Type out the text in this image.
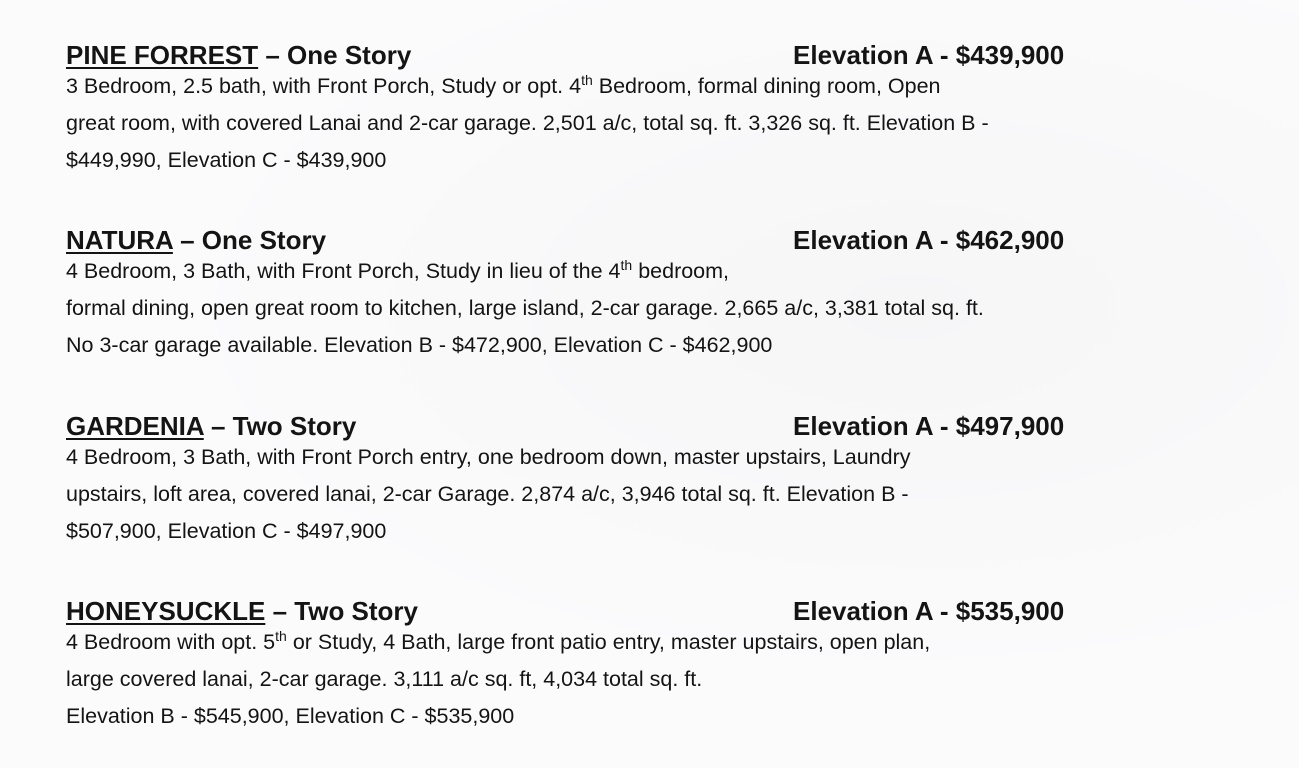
PINE FORREST – One Story	Elevation A - $439,900
3 Bedroom, 2.5 bath, with Front Porch, Study or opt. 4th Bedroom, formal dining room, Open
great room, with covered Lanai and 2-car garage. 2,501 a/c, total sq. ft. 3,326 sq. ft. Elevation B -
$449,990, Elevation C - $439,900
NATURA – One Story	Elevation A - $462,900
4 Bedroom, 3 Bath, with Front Porch, Study in lieu of the 4th bedroom,
formal dining, open great room to kitchen, large island, 2-car garage. 2,665 a/c, 3,381 total sq. ft.
No 3-car garage available. Elevation B - $472,900, Elevation C - $462,900
GARDENIA – Two Story	Elevation A - $497,900
4 Bedroom, 3 Bath, with Front Porch entry, one bedroom down, master upstairs, Laundry
upstairs, loft area, covered lanai, 2-car Garage. 2,874 a/c, 3,946 total sq. ft. Elevation B -
$507,900, Elevation C - $497,900
HONEYSUCKLE – Two Story	Elevation A - $535,900
4 Bedroom with opt. 5th or Study, 4 Bath, large front patio entry, master upstairs, open plan,
large covered lanai, 2-car garage. 3,111 a/c sq. ft, 4,034 total sq. ft.
Elevation B - $545,900, Elevation C - $535,900
